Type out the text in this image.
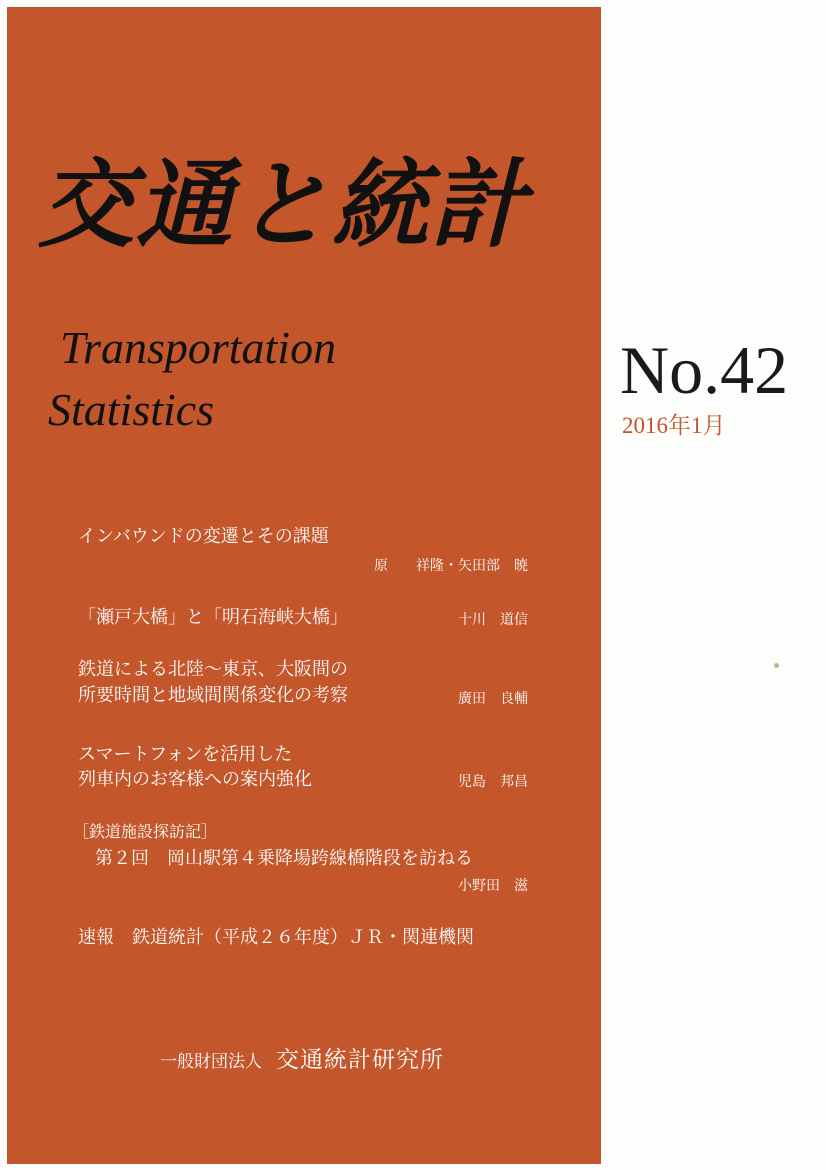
交通と統計
Transportation
Statistics
No.42
2016年1月
インバウンドの変遷とその課題
原　　祥隆・矢田部　暁
「瀬戸大橋」と「明石海峡大橋」	十川　道信
鉄道による北陸〜東京、大阪間の
所要時間と地域間関係変化の考察	廣田　良輔
スマートフォンを活用した
列車内のお客様への案内強化	児島　邦昌
［鉄道施設探訪記］
第２回　岡山駅第４乗降場跨線橋階段を訪ねる
小野田　滋
速報　鉄道統計（平成２６年度）ＪＲ・関連機関
一般財団法人 交通統計研究所
